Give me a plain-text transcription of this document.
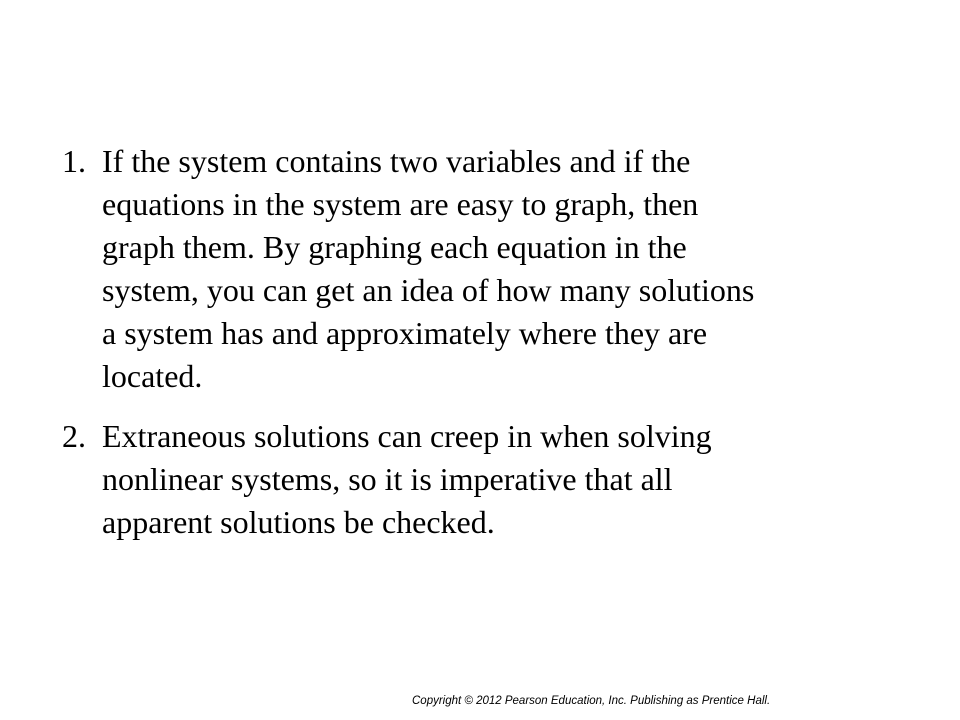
1. If the system contains two variables and if the
equations in the system are easy to graph, then
graph them. By graphing each equation in the
system, you can get an idea of how many solutions
a system has and approximately where they are
located.
2. Extraneous solutions can creep in when solving
nonlinear systems, so it is imperative that all
apparent solutions be checked.
Copyright © 2012 Pearson Education, Inc. Publishing as Prentice Hall.
